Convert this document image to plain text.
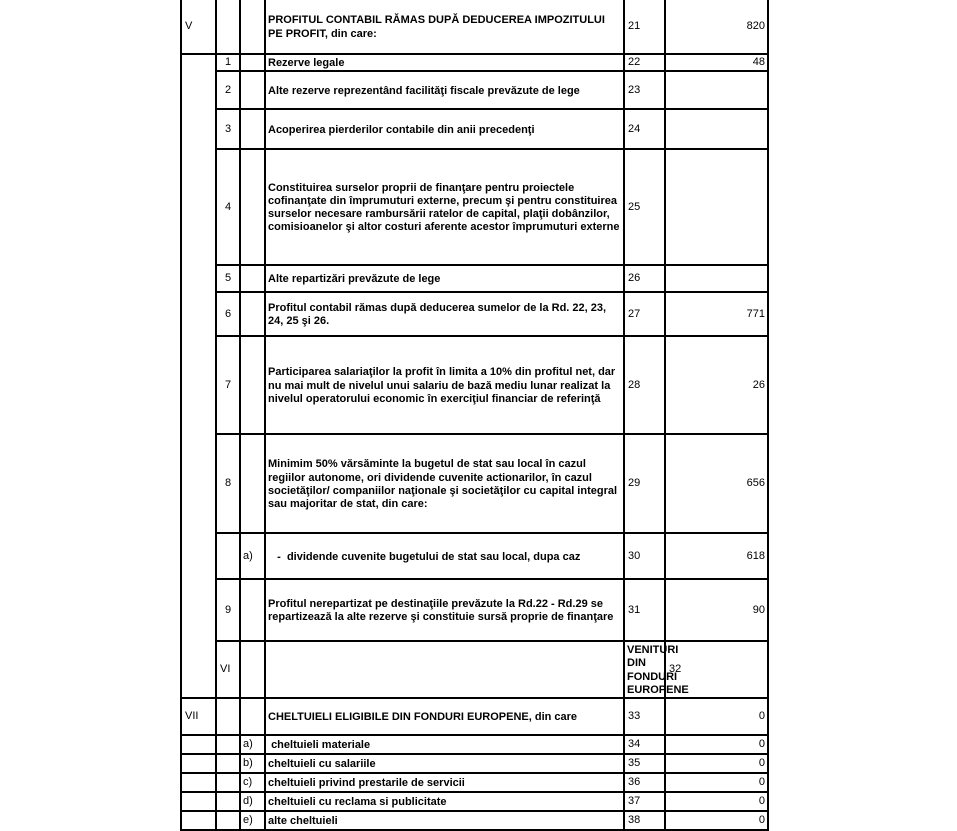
V			PROFITUL CONTABIL RĂMAS DUPĂ DEDUCEREA IMPOZITULUI PE PROFIT, din care:	21	820	
	1		Rezerve legale	22	48	
	2		Alte rezerve reprezentând facilităţi fiscale prevăzute de lege	23		
	3		Acoperirea pierderilor contabile din anii precedenţi	24		
	4		Constituirea surselor proprii de finanţare pentru proiectele cofinanţate din împrumuturi externe, precum şi pentru constituirea surselor necesare rambursării ratelor de capital, plaţii dobânzilor, comisioanelor şi altor costuri aferente acestor împrumuturi externe	25		
	5		Alte repartizări prevăzute de lege	26		
	6		Profitul contabil rămas după deducerea sumelor de la Rd. 22, 23, 24, 25 şi 26.	27	771	
	7		Participarea salariaţilor la profit în limita a 10% din profitul net, dar nu mai mult de nivelul unui salariu de bază mediu lunar realizat la nivelul operatorului economic în exerciţiul financiar de referinţă	28	26	
	8		Minimim 50% vărsăminte la bugetul de stat sau local în cazul regiilor autonome, ori dividende cuvenite actionarilor, în cazul societăţilor/ companiilor naţionale şi societăţilor cu capital integral sau majoritar de stat, din care:	29	656	
		a)	-  dividende cuvenite bugetului de stat sau local, dupa caz	30	618	
	9		Profitul nerepartizat pe destinaţiile prevăzute la Rd.22 - Rd.29 se repartizează la alte rezerve şi constituie sursă proprie de finanţare	31	90	
	VI			VENITURI DIN FONDURI EUROPENE	32	
VII			CHELTUIELI ELIGIBILE DIN FONDURI EUROPENE, din care	33	0	
		a)	cheltuieli materiale	34	0	
		b)	cheltuieli cu salariile	35	0	
		c)	cheltuieli privind prestarile de servicii	36	0	
		d)	cheltuieli cu reclama si publicitate	37	0	
		e)	alte cheltuieli	38	0	
